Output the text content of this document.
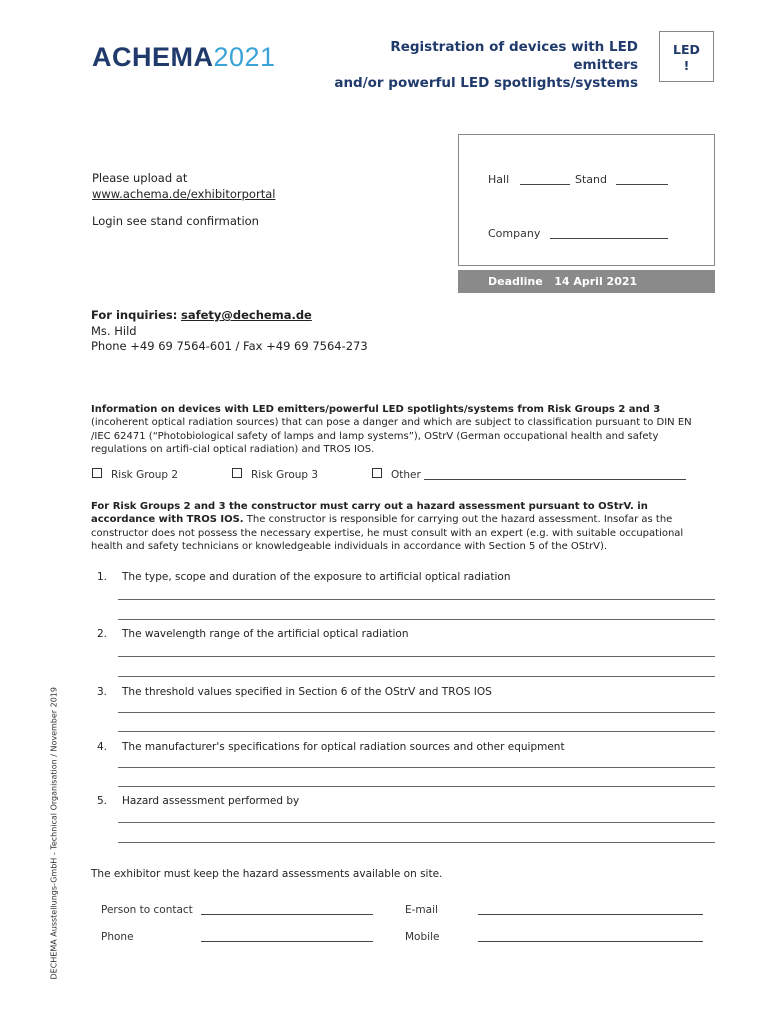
ACHEMA2021	Registration of devices with LED emitters
and/or powerful LED spotlights/systems
LED
!
Please upload at
www.achema.de/exhibitorportal
Login see stand confirmation
Hall	Stand
Company
Deadline 14 April 2021
For inquiries: safety@dechema.de
Ms. Hild
Phone +49 69 7564-601 / Fax +49 69 7564-273
Information on devices with LED emitters/powerful LED spotlights/systems from Risk Groups 2 and 3 (incoherent optical radiation sources) that can pose a danger and which are subject to classification pursuant to DIN EN /IEC 62471 (“Photobiological safety of lamps and lamp systems”), OStrV (German occupational health and safety regulations on artifi-cial optical radiation) and TROS IOS.
Risk Group 2	Risk Group 3	Other
For Risk Groups 2 and 3 the constructor must carry out a hazard assessment pursuant to OStrV. in accordance with TROS IOS. The constructor is responsible for carrying out the hazard assessment. Insofar as the constructor does not possess the necessary expertise, he must consult with an expert (e.g. with suitable occupational health and safety technicians or knowledgeable individuals in accordance with Section 5 of the OStrV).
1. The type, scope and duration of the exposure to artificial optical radiation
2. The wavelength range of the artificial optical radiation
3. The threshold values specified in Section 6 of the OStrV and TROS IOS
4. The manufacturer's specifications for optical radiation sources and other equipment
5. Hazard assessment performed by
The exhibitor must keep the hazard assessments available on site.
Person to contact	E-mail
Phone	Mobile
DECHEMA Ausstellungs-GmbH - Technical Organisation / November 2019
